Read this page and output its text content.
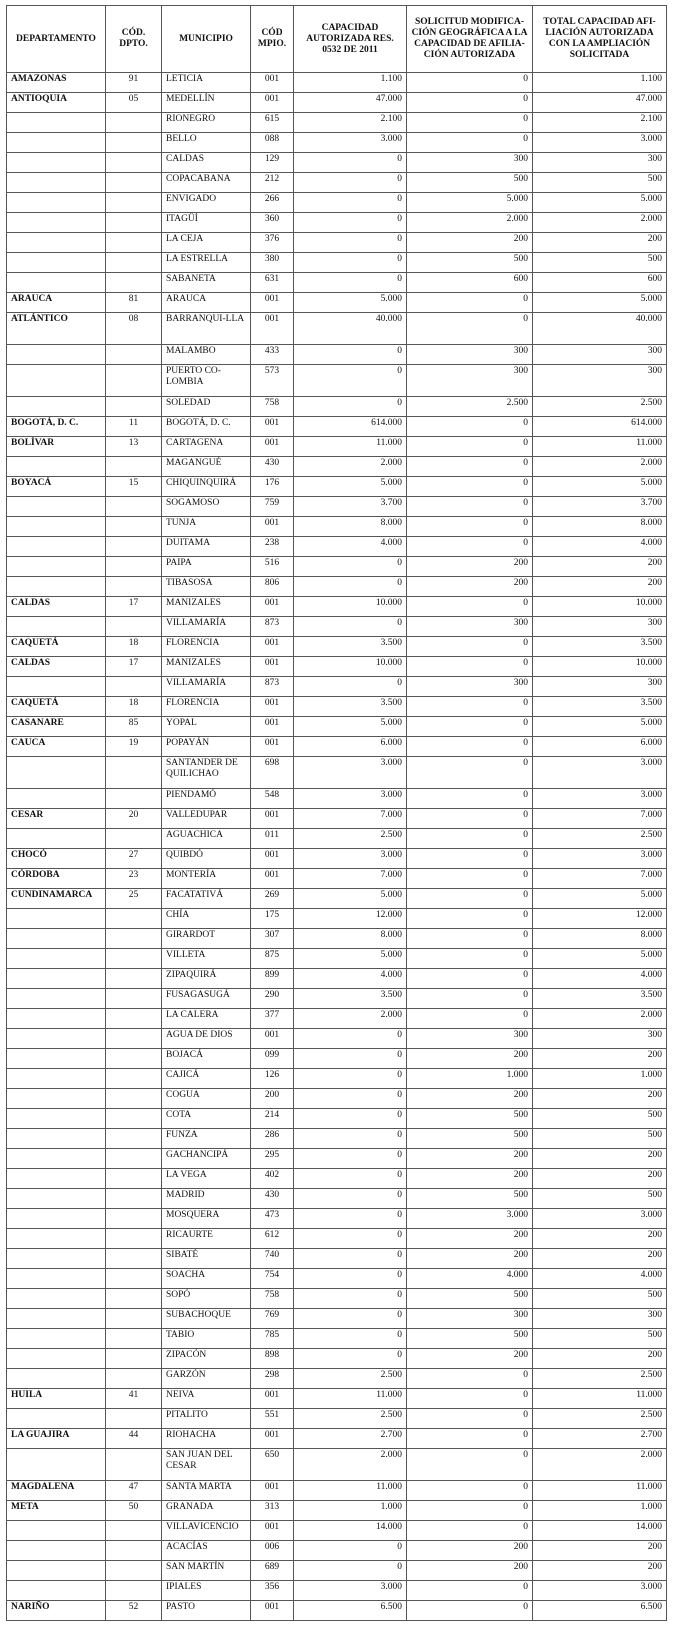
DEPARTAMENTO	CÓD. DPTO.	MUNICIPIO	CÓD MPIO.	CAPACIDAD AUTORIZADA RES. 0532 DE 2011	SOLICITUD MODIFICA-CIÓN GEOGRÁFICA A LA CAPACIDAD DE AFILIA-CIÓN AUTORIZADA	TOTAL CAPACIDAD AFI-LIACIÓN AUTORIZADA CON LA AMPLIACIÓN SOLICITADA
AMAZONAS	91	LETICIA	001	1.100	0	1.100
ANTIOQUIA	05	MEDELLÍN	001	47.000	0	47.000
		RIONEGRO	615	2.100	0	2.100
		BELLO	088	3.000	0	3.000
		CALDAS	129	0	300	300
		COPACABANA	212	0	500	500
		ENVIGADO	266	0	5.000	5.000
		ITAGÜÍ	360	0	2.000	2.000
		LA CEJA	376	0	200	200
		LA ESTRELLA	380	0	500	500
		SABANETA	631	0	600	600
ARAUCA	81	ARAUCA	001	5.000	0	5.000
ATLÁNTICO	08	BARRANQUI-LLA	001	40.000	0	40.000
		MALAMBO	433	0	300	300
		PUERTO CO-LOMBIA	573	0	300	300
		SOLEDAD	758	0	2.500	2.500
BOGOTÁ, D. C.	11	BOGOTÁ, D. C.	001	614.000	0	614.000
BOLÍVAR	13	CARTAGENA	001	11.000	0	11.000
		MAGANGUÉ	430	2.000	0	2.000
BOYACÁ	15	CHIQUINQUIRÁ	176	5.000	0	5.000
		SOGAMOSO	759	3.700	0	3.700
		TUNJA	001	8.000	0	8.000
		DUITAMA	238	4.000	0	4.000
		PAIPA	516	0	200	200
		TIBASOSA	806	0	200	200
CALDAS	17	MANIZALES	001	10.000	0	10.000
		VILLAMARÍA	873	0	300	300
CAQUETÁ	18	FLORENCIA	001	3.500	0	3.500
CALDAS	17	MANIZALES	001	10.000	0	10.000
		VILLAMARÍA	873	0	300	300
CAQUETÁ	18	FLORENCIA	001	3.500	0	3.500
CASANARE	85	YOPAL	001	5.000	0	5.000
CAUCA	19	POPAYÁN	001	6.000	0	6.000
		SANTANDER DE QUILICHAO	698	3.000	0	3.000
		PIENDAMÓ	548	3.000	0	3.000
CESAR	20	VALLEDUPAR	001	7.000	0	7.000
		AGUACHICA	011	2.500	0	2.500
CHOCÓ	27	QUIBDÓ	001	3.000	0	3.000
CÓRDOBA	23	MONTERÍA	001	7.000	0	7.000
CUNDINAMARCA	25	FACATATIVÁ	269	5.000	0	5.000
		CHÍA	175	12.000	0	12.000
		GIRARDOT	307	8.000	0	8.000
		VILLETA	875	5.000	0	5.000
		ZIPAQUIRÁ	899	4.000	0	4.000
		FUSAGASUGÁ	290	3.500	0	3.500
		LA CALERA	377	2.000	0	2.000
		AGUA DE DIOS	001	0	300	300
		BOJACÁ	099	0	200	200
		CAJICÁ	126	0	1.000	1.000
		COGUA	200	0	200	200
		COTA	214	0	500	500
		FUNZA	286	0	500	500
		GACHANCIPÁ	295	0	200	200
		LA VEGA	402	0	200	200
		MADRID	430	0	500	500
		MOSQUERA	473	0	3.000	3.000
		RICAURTE	612	0	200	200
		SIBATÉ	740	0	200	200
		SOACHA	754	0	4.000	4.000
		SOPÓ	758	0	500	500
		SUBACHOQUE	769	0	300	300
		TABIO	785	0	500	500
		ZIPACÓN	898	0	200	200
		GARZÓN	298	2.500	0	2.500
HUILA	41	NEIVA	001	11.000	0	11.000
		PITALITO	551	2.500	0	2.500
LA GUAJIRA	44	RIOHACHA	001	2.700	0	2.700
		SAN JUAN DEL CESAR	650	2.000	0	2.000
MAGDALENA	47	SANTA MARTA	001	11.000	0	11.000
META	50	GRANADA	313	1.000	0	1.000
		VILLAVICENCIO	001	14.000	0	14.000
		ACACÍAS	006	0	200	200
		SAN MARTÍN	689	0	200	200
		IPIALES	356	3.000	0	3.000
NARIÑO	52	PASTO	001	6.500	0	6.500
